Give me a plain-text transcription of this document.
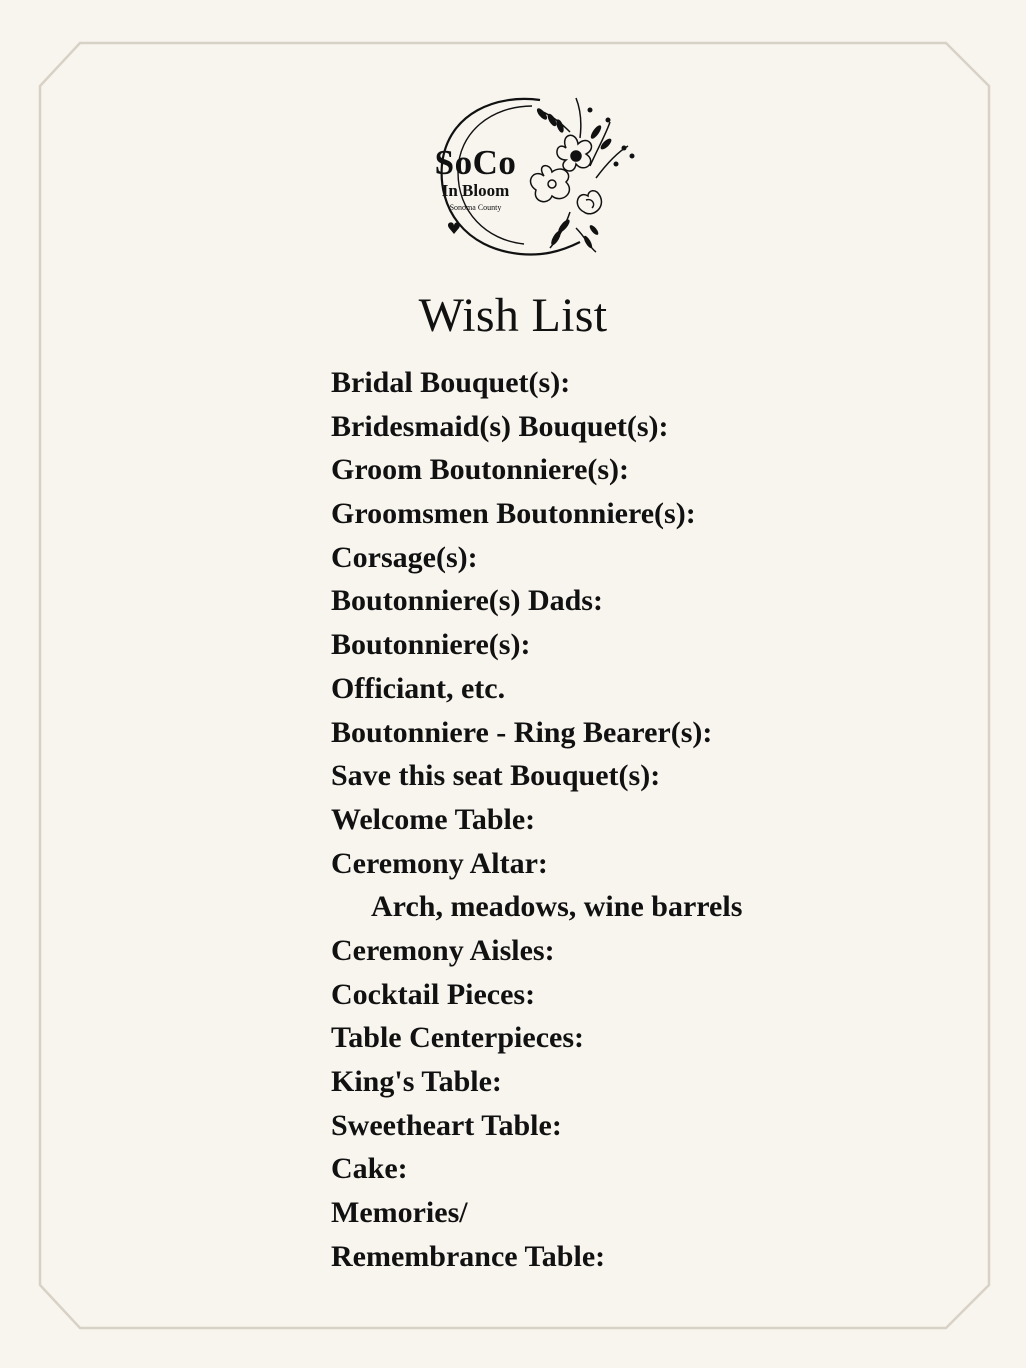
SoCo
In Bloom
Sonoma County
Wish List
Bridal Bouquet(s):
Bridesmaid(s) Bouquet(s):
Groom Boutonniere(s):
Groomsmen Boutonniere(s):
Corsage(s):
Boutonniere(s) Dads:
Boutonniere(s):
Officiant, etc.
Boutonniere - Ring Bearer(s):
Save this seat Bouquet(s):
Welcome Table:
Ceremony Altar:
Arch, meadows, wine barrels
Ceremony Aisles:
Cocktail Pieces:
Table Centerpieces:
King's Table:
Sweetheart Table:
Cake:
Memories/
Remembrance Table:
